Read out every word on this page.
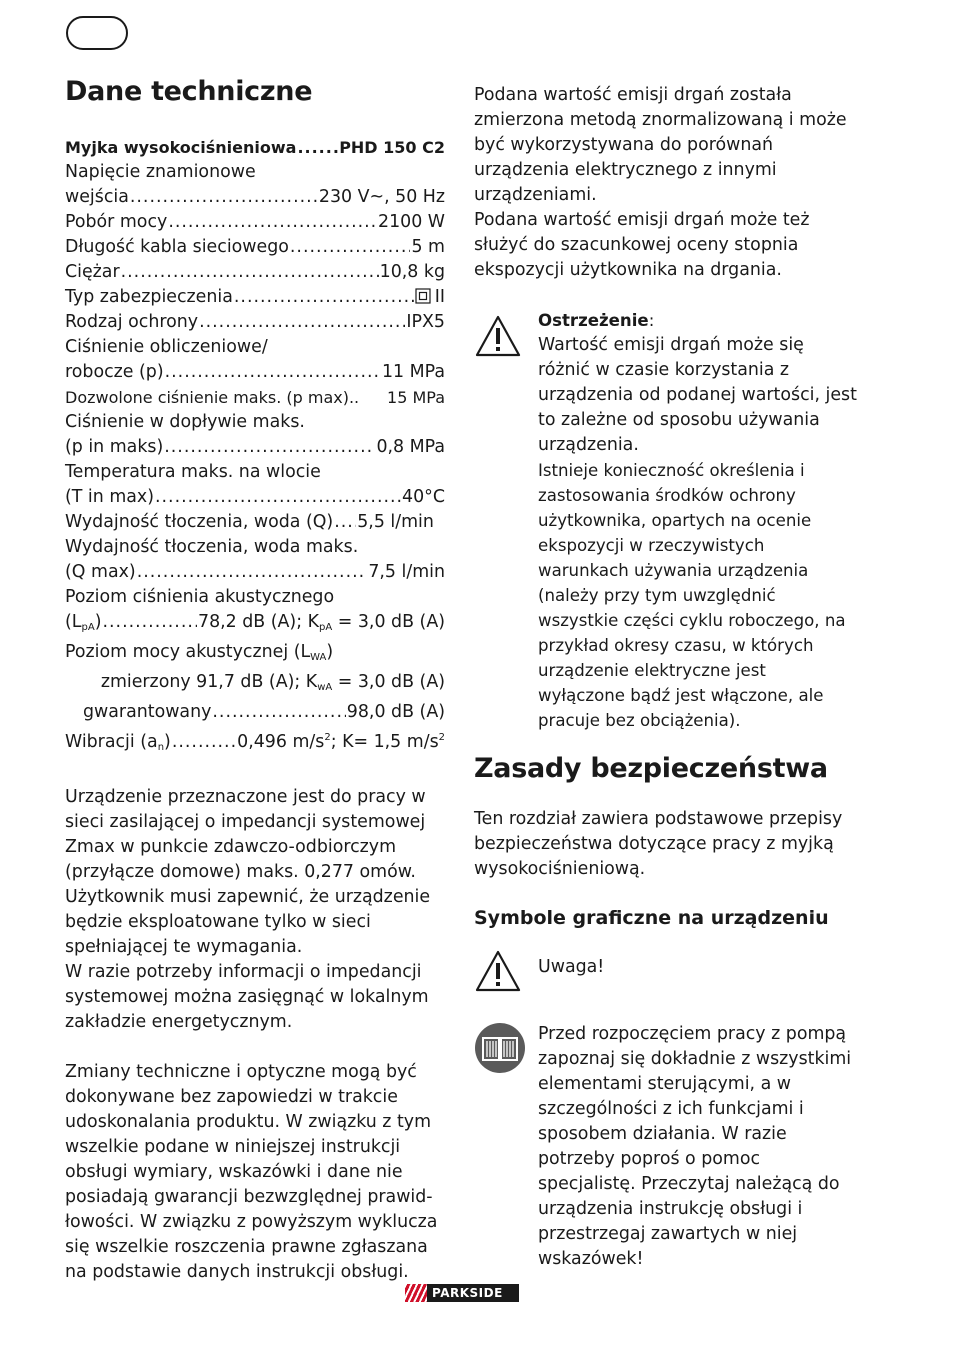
Dane techniczne
Myjka wysokociśnieniowa .....	PHD 150 C2
Napięcie znamionowe
wejścia .....	230 V~, 50 Hz
Pobór mocy .....	2100 W
Długość kabla sieciowego .....	5 m
Ciężar .....	10,8 kg
Typ zabezpieczenia .....	II
Rodzaj ochrony .....	IPX5
Ciśnienie obliczeniowe/
robocze (p) .....	11 MPa
Dozwolone ciśnienie maks. (p max).. 15 MPa
Ciśnienie w dopływie maks.
(p in maks) .....	0,8 MPa
Temperatura maks. na wlocie
(T in max) .....	40°C
Wydajność tłoczenia, woda (Q) ..... 5,5 l/min
Wydajność tłoczenia, woda maks.
(Q max) .....	7,5 l/min
Poziom ciśnienia akustycznego
$(L_{pA})$ .....	78,2 dB (A); $K_{pA} = 3,0$ dB (A)
Poziom mocy akustycznej $(L_{WA})$
zmierzony 91,7 dB (A); $K_{wA} = 3,0$ dB (A)
gwarantowany .....	98,0 dB (A)
Wibracji $(a_n)$ .....	0,496 $m/s^2$; K= 1,5 $m/s^2$

Urządzenie przeznaczone jest do pracy w sieci zasilającej o impedancji systemowej Zmax w punkcie zdawczo-odbiorczym (przyłącze domowe) maks. 0,277 omów. Użytkownik musi zapewnić, że urządzenie będzie eksploatowane tylko w sieci spełniającej te wymagania.

W razie potrzeby informacji o impedancji systemowej można zasięgnąć w lokalnym zakładzie energetycznym.

Zmiany techniczne i optyczne mogą być dokonywane bez zapowiedzi w trakcie udoskonalania produktu. W związku z tym wszelkie podane w niniejszej instrukcji obsługi wymiary, wskazówki i dane nie posiadają gwarancji bezwzględnej prawid-łowości. W związku z powyższym wyklucza się wszelkie roszczenia prawne zgłaszana na podstawie danych instrukcji obsługi.

Podana wartość emisji drgań została zmierzona metodą znormalizowaną i może być wykorzystywana do porównań urządzenia elektrycznego z innymi urządzeniami.

Podana wartość emisji drgań może też służyć do szacunkowej oceny stopnia ekspozycji użytkownika na drgania.

Ostrzeżenie:

Wartość emisji drgań może się różnić w czasie korzystania z urządzenia od podanej wartości, jest to zależne od sposobu używania urządzenia.

Istnieje konieczność określenia i zastosowania środków ochrony użytkownika, opartych na ocenie ekspozycji w rzeczywistych warunkach używania urządzenia (należy przy tym uwzględnić wszystkie części cyklu roboczego, na przykład okresy czasu, w których urządzenie elektryczne jest wyłączone bądź jest włączone, ale pracuje bez obciążenia).

Zasady bezpieczeństwa

Ten rozdział zawiera podstawowe przepisy bezpieczeństwa dotyczące pracy z myjką wysokociśnieniową.

Symbole graficzne na urządzeniu
Uwaga!
Przed rozpoczęciem pracy z pompą zapoznaj się dokładnie z wszystkimi elementami sterującymi, a w szczególności z ich funkcjami i sposobem działania. W razie potrzeby poproś o pomoc specjalistę. Przeczytaj należącą do urządzenia instrukcję obsługi i przestrzegaj zawartych w niej wskazówek!
PARKSIDE
